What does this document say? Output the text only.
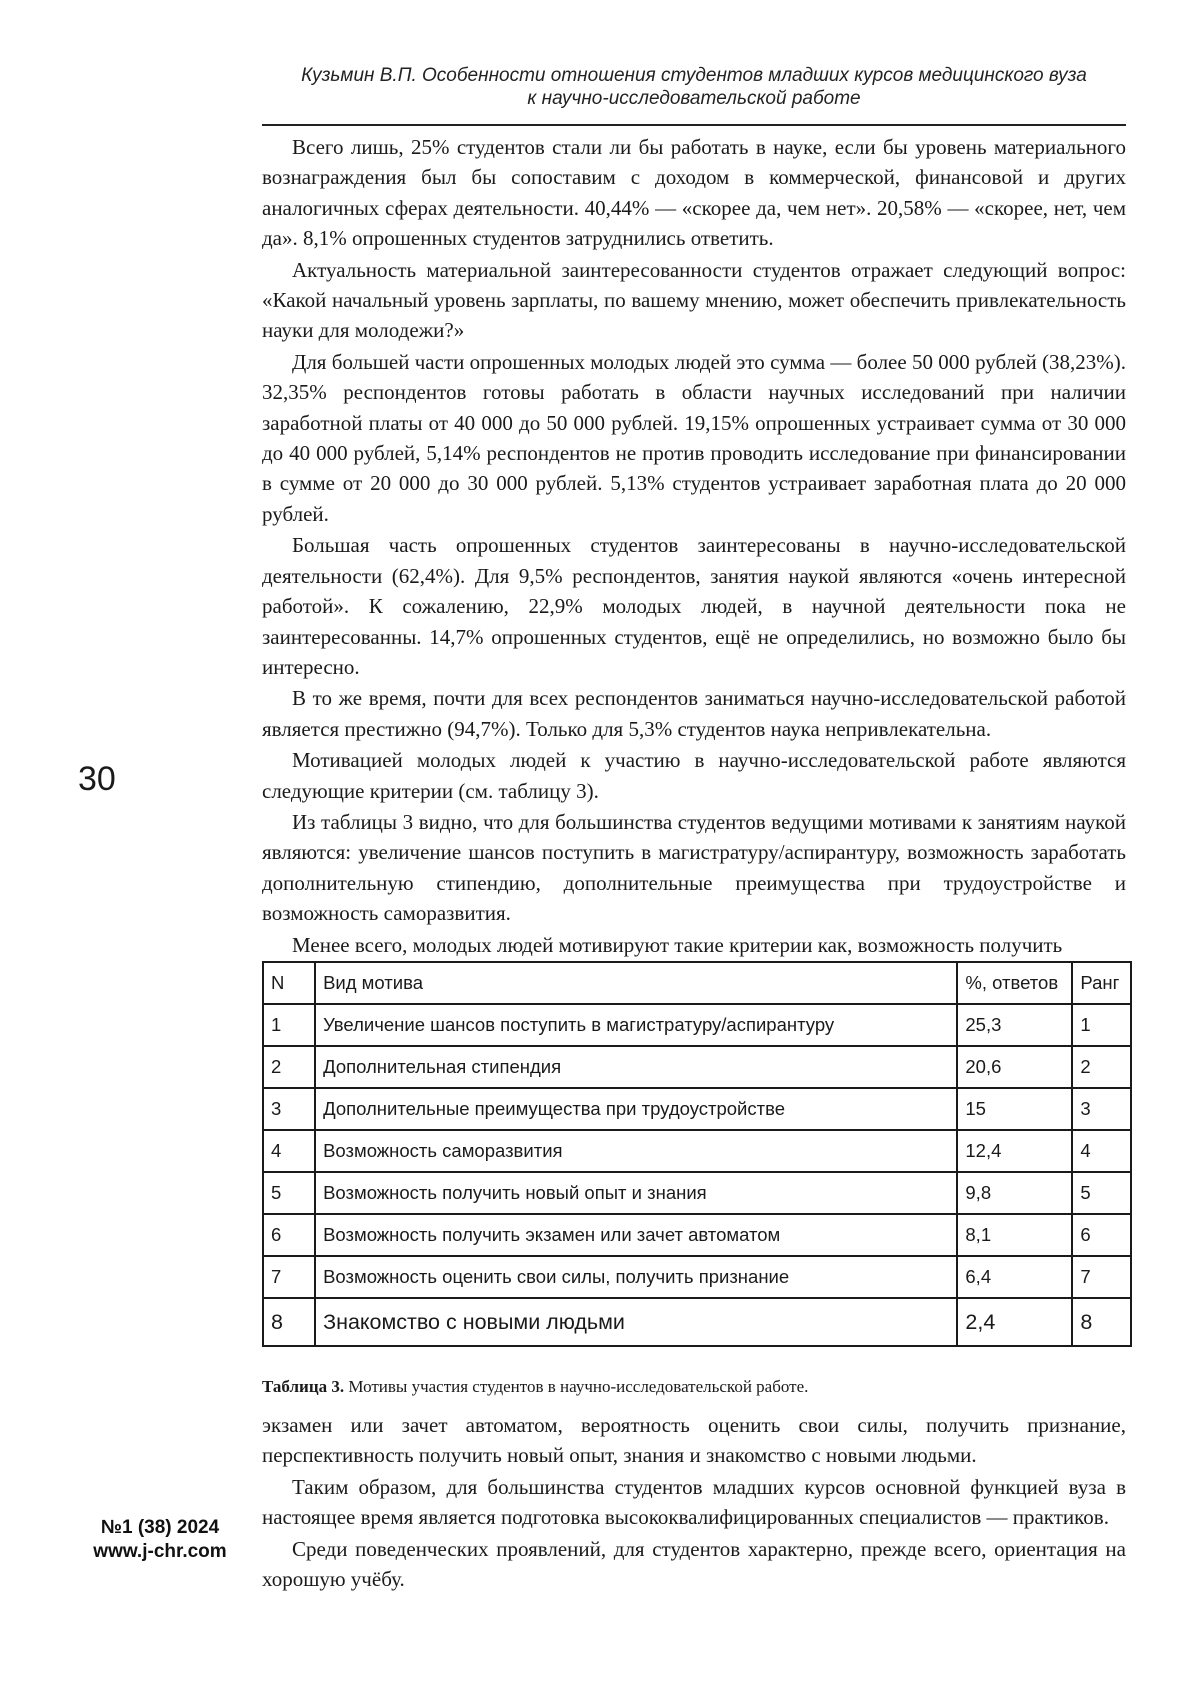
Кузьмин В.П. Особенности отношения студентов младших курсов медицинского вуза
к научно-исследовательской работе

Всего лишь, 25% студентов стали ли бы работать в науке, если бы уровень материального вознаграждения был бы сопоставим с доходом в коммерческой, финансовой и других аналогичных сферах деятельности. 40,44% — «скорее да, чем нет». 20,58% — «скорее, нет, чем да». 8,1% опрошенных студентов затруднились ответить.

Актуальность материальной заинтересованности студентов отражает следующий вопрос: «Какой начальный уровень зарплаты, по вашему мнению, может обеспечить привлекательность науки для молодежи?»

Для большей части опрошенных молодых людей это сумма — более 50 000 рублей (38,23%). 32,35% респондентов готовы работать в области научных исследований при наличии заработной платы от 40 000 до 50 000 рублей. 19,15% опрошенных устраивает сумма от 30 000 до 40 000 рублей, 5,14% респондентов не против проводить исследование при финансировании в сумме от 20 000 до 30 000 рублей. 5,13% студентов устраивает заработная плата до 20 000 рублей.

Большая часть опрошенных студентов заинтересованы в научно-исследовательской деятельности (62,4%). Для 9,5% респондентов, занятия наукой являются «очень интересной работой». К сожалению, 22,9% молодых людей, в научной деятельности пока не заинтересованны. 14,7% опрошенных студентов, ещё не определились, но возможно было бы интересно.

В то же время, почти для всех респондентов заниматься научно-исследовательской работой является престижно (94,7%). Только для 5,3% студентов наука непривлекательна.

Мотивацией молодых людей к участию в научно-исследовательской работе являются следующие критерии (см. таблицу 3).

Из таблицы 3 видно, что для большинства студентов ведущими мотивами к занятиям наукой являются: увеличение шансов поступить в магистратуру/аспирантуру, возможность заработать дополнительную стипендию, дополнительные преимущества при трудоустройстве и возможность саморазвития.

Менее всего, молодых людей мотивируют такие критерии как, возможность получить

30
N	Вид мотива	%, ответов	Ранг
1	Увеличение шансов поступить в магистратуру/аспирантуру	25,3	1
2	Дополнительная стипендия	20,6	2
3	Дополнительные преимущества при трудоустройстве	15	3
4	Возможность саморазвития	12,4	4
5	Возможность получить новый опыт и знания	9,8	5
6	Возможность получить экзамен или зачет автоматом	8,1	6
7	Возможность оценить свои силы, получить признание	6,4	7
8	Знакомство с новыми людьми	2,4	8
Таблица 3. Мотивы участия студентов в научно-исследовательской работе.

экзамен или зачет автоматом, вероятность оценить свои силы, получить признание, перспективность получить новый опыт, знания и знакомство с новыми людьми.

Таким образом, для большинства студентов младших курсов основной функцией вуза в настоящее время является подготовка высококвалифицированных специалистов — практиков.

Среди поведенческих проявлений, для студентов характерно, прежде всего, ориентация на хорошую учёбу.

№1 (38) 2024
www.j-chr.com
